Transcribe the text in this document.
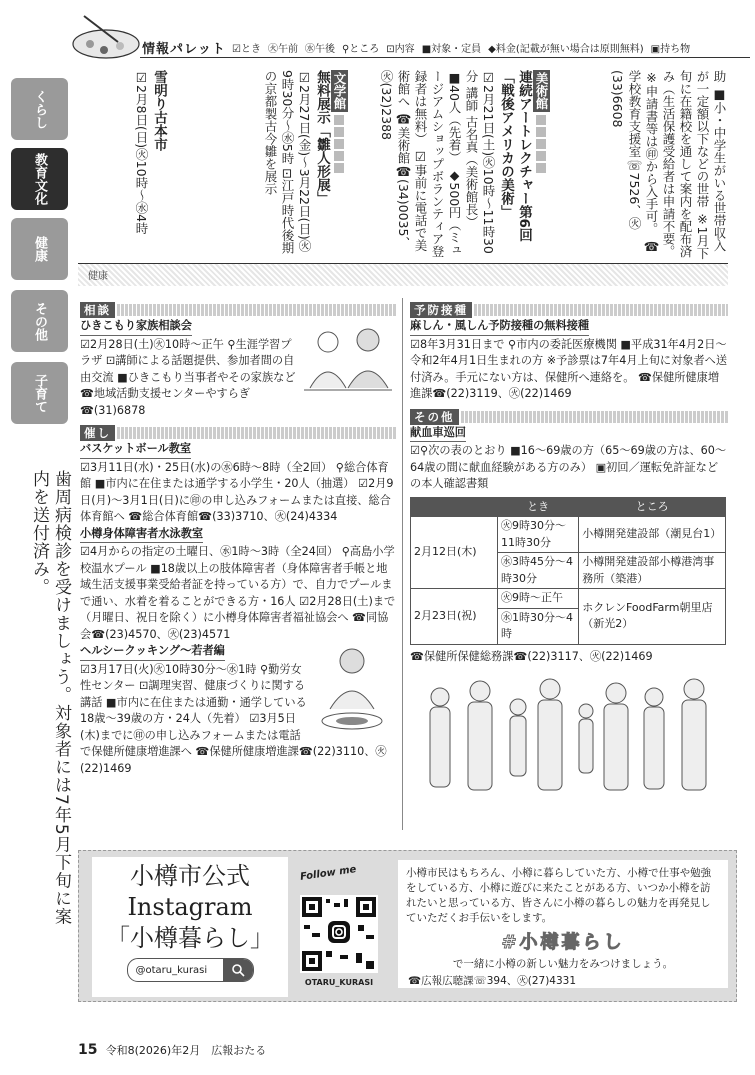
情報パレット ☑とき ㊋午前 ㊌午後 ⚲ところ ⊡内容 ■対象・定員 ◆料金(記載が無い場合は原則無料) ▣持ち物
くらし
教育文化
健康
その他
子育て
歯周病検診を受けましょう。対象者には7年5月下旬に案内を送付済み。
助 ■小・中学生がいる世帯収入が一定額以下などの世帯 ※1月下旬に在籍校を通して案内を配布済み（生活保護受給者は申請不要。 ※申請書等は㊞から入手可。 ☎学校教育支援室☏7526、㊋(33)6608
美術館
連続アートレクチャー第6回「戦後アメリカの美術」
☑2月21日(土)㊋10時～11時30分 講師 古名真（美術館長） ■40人（先着） ◆500円（ミュージアムショップボランティア登録者は無料） ☑事前に電話で美術館へ ☎美術館☎(34)0035、㊋(32)2388
文学館
無料展示「雛人形展」
☑2月27日(金)～3月22日(日)㊋9時30分～㊌5時 ⊡江戸時代後期の京都製古今雛を展示
雪明り古本市
☑2月8日(日)㊋10時～㊌4時
健康
相談
ひきこもり家族相談会
☑2月28日(土)㊋10時～正午 ⚲生涯学習プラザ ⊡講師による話題提供、参加者間の自由交流 ■ひきこもり当事者やその家族など ☎地域活動支援センターやすらぎ☎(31)6878
催し
バスケットボール教室
☑3月11日(水)・25日(水)の㊌6時～8時（全2回） ⚲総合体育館 ■市内に在住または通学する小学生・20人（抽選） ☑2月9日(月)～3月1日(日)に㊞の申し込みフォームまたは直接、総合体育館へ ☎総合体育館☎(33)3710、㊋(24)4334
小樽身体障害者水泳教室
☑4月からの指定の土曜日、㊌1時～3時（全24回） ⚲高島小学校温水プール ■18歳以上の肢体障害者（身体障害者手帳と地域生活支援事業受給者証を持っている方）で、自力でプールまで通い、水着を着ることができる方・16人 ☑2月28日(土)まで（月曜日、祝日を除く）に小樽身体障害者福祉協会へ ☎同協会☎(23)4570、㊋(23)4571
ヘルシークッキング～若者編
☑3月17日(火)㊋10時30分～㊌1時 ⚲勤労女性センター ⊡調理実習、健康づくりに関する講話 ■市内に在住または通勤・通学している18歳～39歳の方・24人（先着） ☑3月5日(木)までに㊞の申し込みフォームまたは電話で保健所健康増進課へ ☎保健所健康増進課☎(22)3110、㊋(22)1469
予防接種
麻しん・風しん予防接種の無料接種
☑8年3月31日まで ⚲市内の委託医療機関 ■平成31年4月2日～令和2年4月1日生まれの方 ※予診票は7年4月上旬に対象者へ送付済み。手元にない方は、保健所へ連絡を。 ☎保健所健康増進課☎(22)3119、㊋(22)1469
その他
献血車巡回
☑⚲次の表のとおり ■16～69歳の方（65～69歳の方は、60～64歳の間に献血経験がある方のみ） ▣初回／運転免許証などの本人確認書類
	とき	ところ
2月12日(木)	㊋9時30分～11時30分	小樽開発建設部（潮見台1）
	㊌3時45分～4時30分	小樽開発建設部小樽港湾事務所（築港）
2月23日(祝)	㊋9時～正午	ホクレンFoodFarm朝里店（新光2）
	㊌1時30分～4時	
☎保健所保健総務課☎(22)3117、㊋(22)1469
小樽市公式
Instagram
「小樽暮らし」
@otaru_kurasi
Follow me
OTARU_KURASI
小樽市民はもちろん、小樽に暮らしていた方、小樽で仕事や勉強をしている方、小樽に遊びに来たことがある方、いつか小樽を訪れたいと思っている方、皆さんに小樽の暮らしの魅力を再発見していただくお手伝いをします。
#小樽暮らし
で一緒に小樽の新しい魅力をみつけましょう。
☎広報広聴課☏394、㊋(27)4331
15 令和8(2026)年2月　広報おたる
